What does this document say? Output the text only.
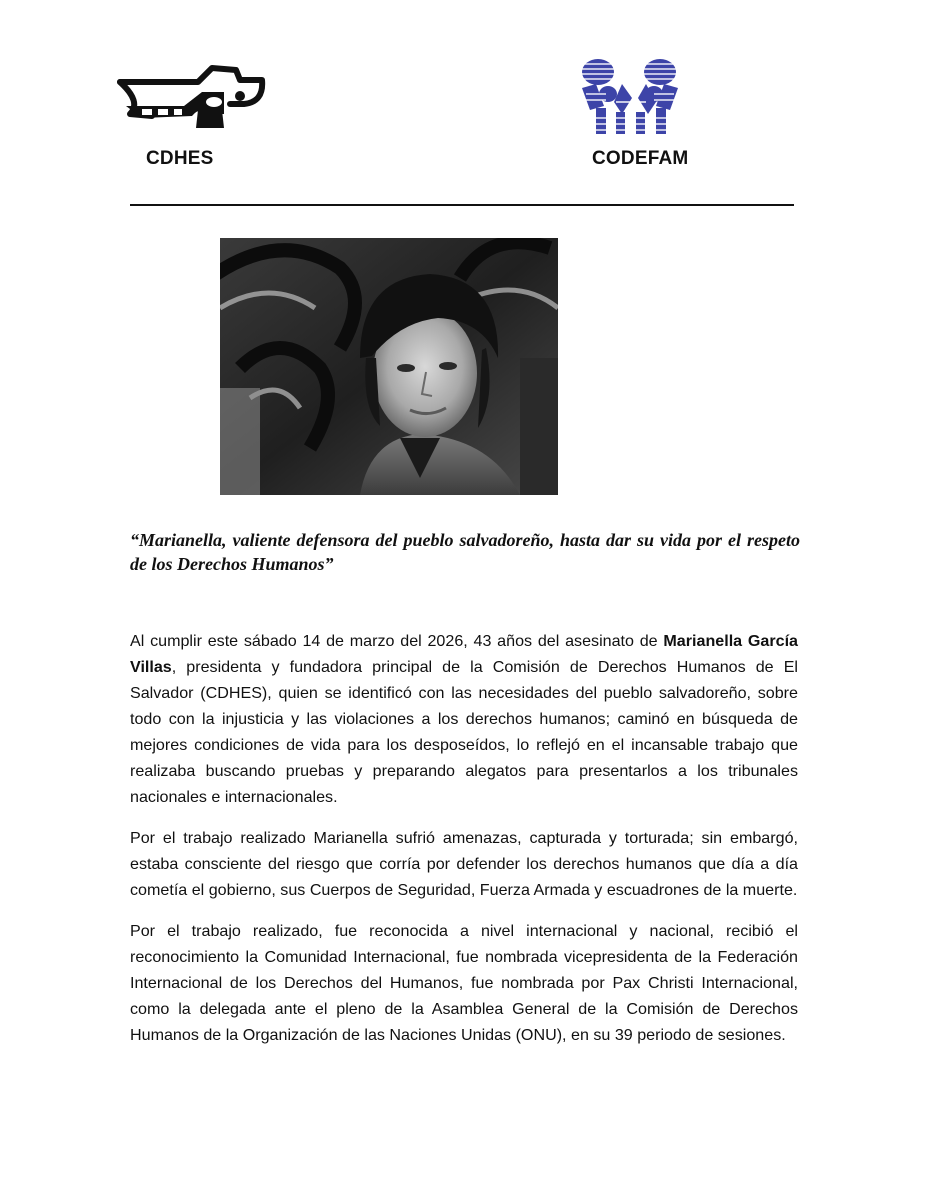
CDHES	CODEFAM
“Marianella, valiente defensora del pueblo salvadoreño, hasta dar su vida por el respeto de los Derechos Humanos”

Al cumplir este sábado 14 de marzo del 2026, 43 años del asesinato de Marianella García Villas, presidenta y fundadora principal de la Comisión de Derechos Humanos de El Salvador (CDHES), quien se identificó con las necesidades del pueblo salvadoreño, sobre todo con la injusticia y las violaciones a los derechos humanos; caminó en búsqueda de mejores condiciones de vida para los desposeídos, lo reflejó en el incansable trabajo que realizaba buscando pruebas y preparando alegatos para presentarlos a los tribunales nacionales e internacionales.

Por el trabajo realizado Marianella sufrió amenazas, capturada y torturada; sin embargó, estaba consciente del riesgo que corría por defender los derechos humanos que día a día cometía el gobierno, sus Cuerpos de Seguridad, Fuerza Armada y escuadrones de la muerte.

Por el trabajo realizado, fue reconocida a nivel internacional y nacional, recibió el reconocimiento la Comunidad Internacional, fue nombrada vicepresidenta de la Federación Internacional de los Derechos del Humanos, fue nombrada por Pax Christi Internacional, como la delegada ante el pleno de la Asamblea General de la Comisión de Derechos Humanos de la Organización de las Naciones Unidas (ONU), en su 39 periodo de sesiones.
